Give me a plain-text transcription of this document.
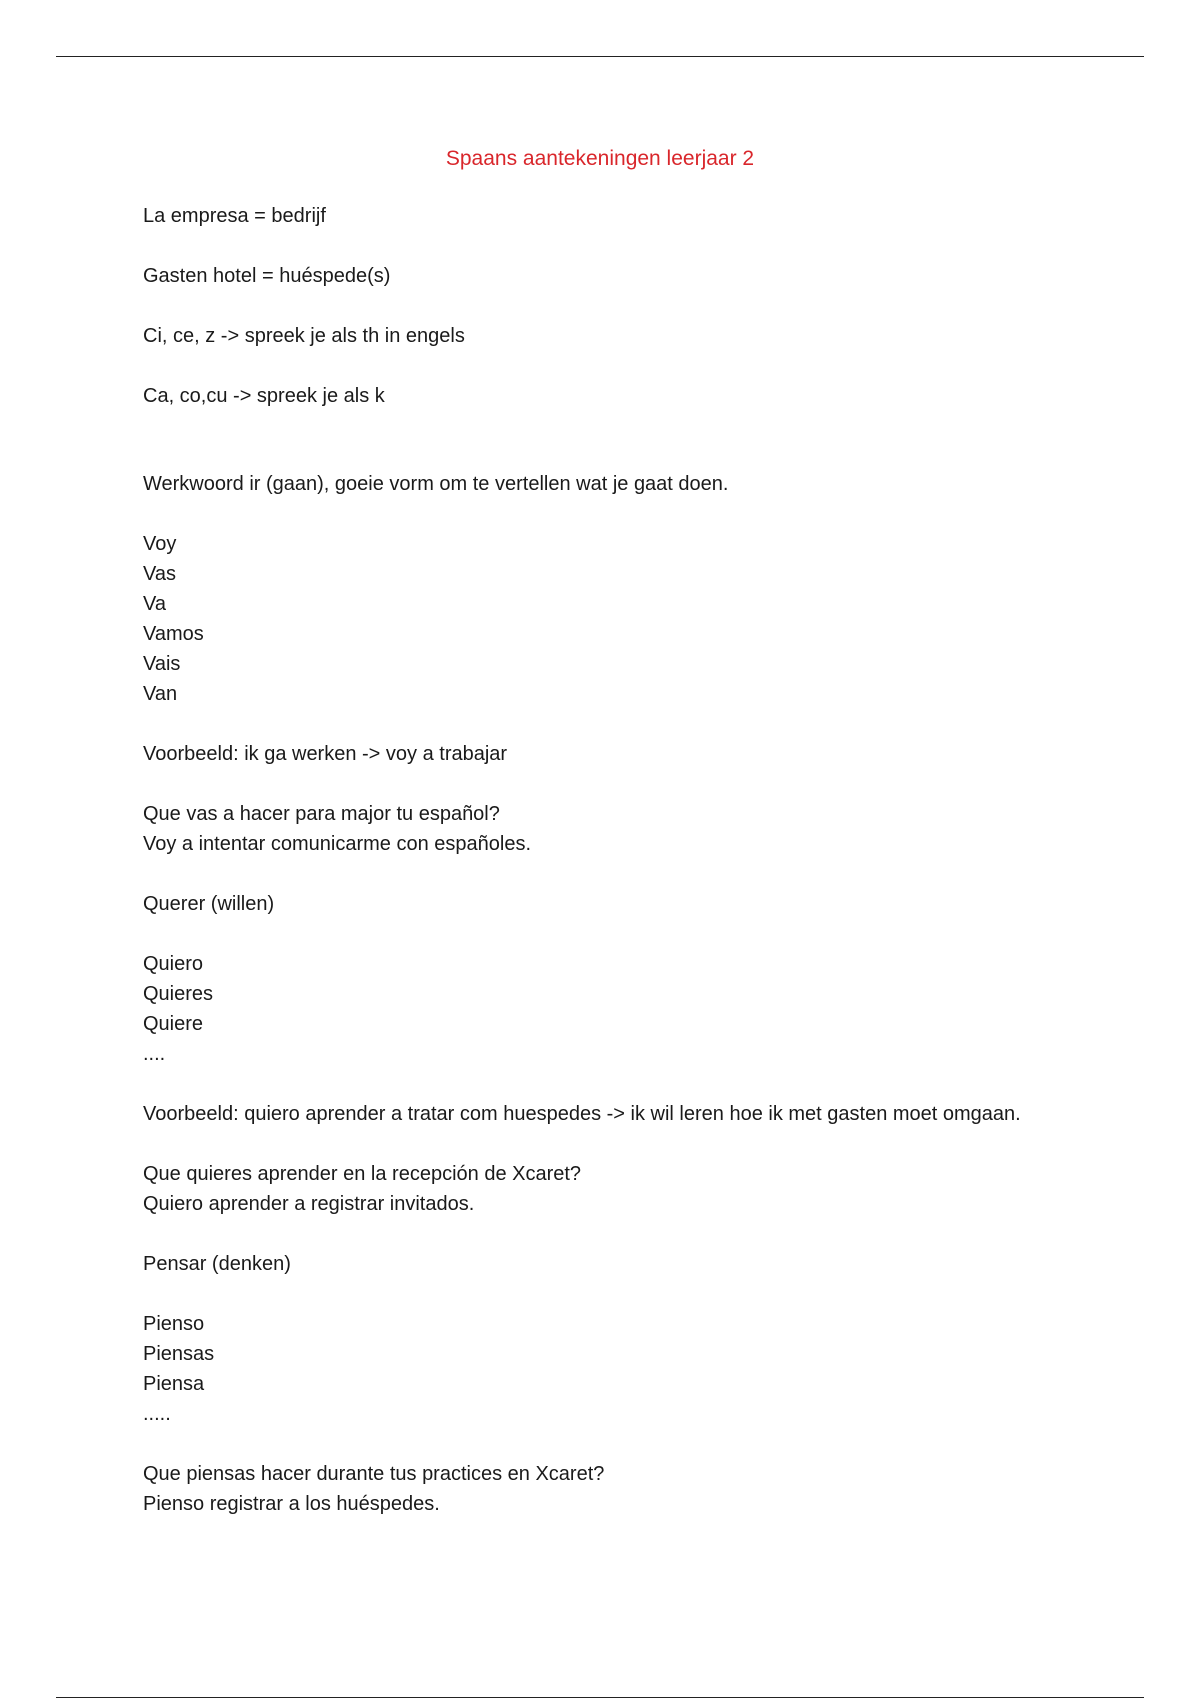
Spaans aantekeningen leerjaar 2
La empresa = bedrijf
Gasten hotel = huéspede(s)
Ci, ce, z -> spreek je als th in engels
Ca, co,cu -> spreek je als k
Werkwoord ir (gaan), goeie vorm om te vertellen wat je gaat doen.
Voy
Vas
Va
Vamos
Vais
Van
Voorbeeld: ik ga werken -> voy a trabajar
Que vas a hacer para major tu español?
Voy a intentar comunicarme con españoles.
Querer (willen)
Quiero
Quieres
Quiere
....
Voorbeeld: quiero aprender a tratar com huespedes -> ik wil leren hoe ik met gasten moet omgaan.
Que quieres aprender en la recepción de Xcaret?
Quiero aprender a registrar invitados.
Pensar (denken)
Pienso
Piensas
Piensa
.....
Que piensas hacer durante tus practices en Xcaret?
Pienso registrar a los huéspedes.
